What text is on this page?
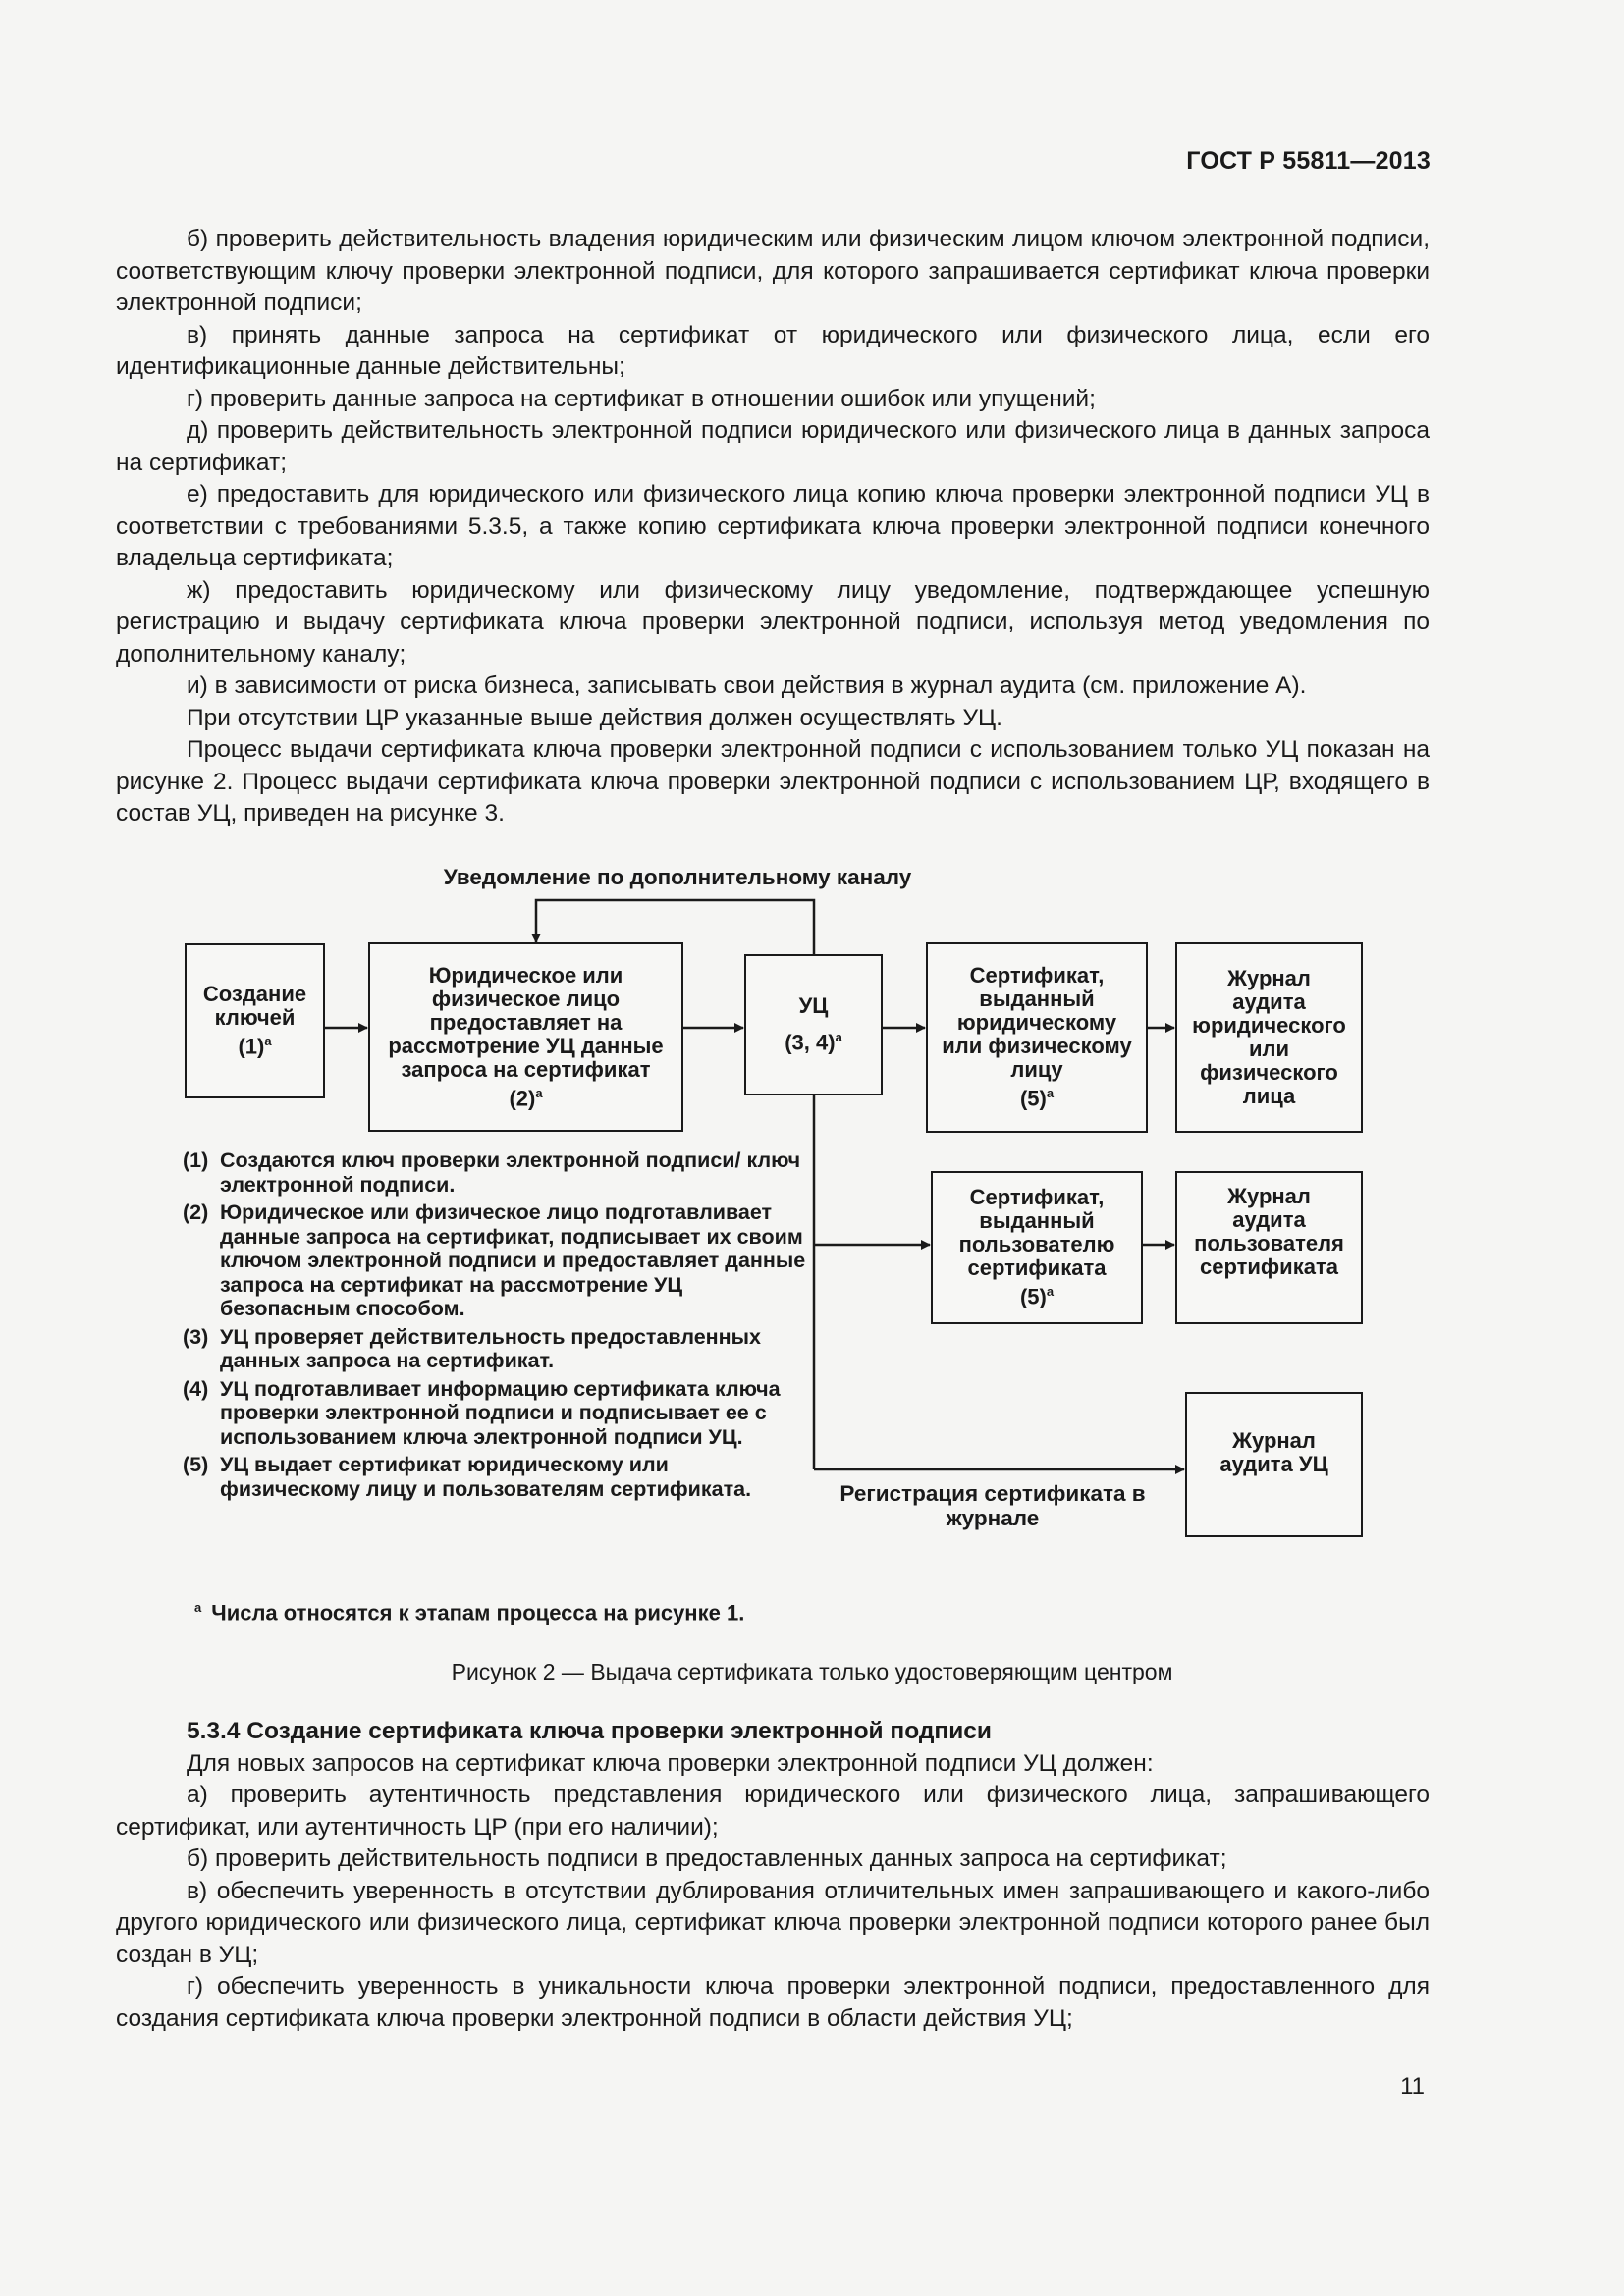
ГОСТ Р 55811—2013

б) проверить действительность владения юридическим или физическим лицом ключом электронной подписи, соответствующим ключу проверки электронной подписи, для которого запрашивается сертификат ключа проверки электронной подписи;

в) принять данные запроса на сертификат от юридического или физического лица, если его идентификационные данные действительны;

г) проверить данные запроса на сертификат в отношении ошибок или упущений;

д) проверить действительность электронной подписи юридического или физического лица в данных запроса на сертификат;

е) предоставить для юридического или физического лица копию ключа проверки электронной подписи УЦ в соответствии с требованиями 5.3.5, а также копию сертификата ключа проверки электронной подписи конечного владельца сертификата;

ж) предоставить юридическому или физическому лицу уведомление, подтверждающее успешную регистрацию и выдачу сертификата ключа проверки электронной подписи, используя метод уведомления по дополнительному каналу;

и) в зависимости от риска бизнеса, записывать свои действия в журнал аудита (см. приложение А).

При отсутствии ЦР указанные выше действия должен осуществлять УЦ.

Процесс выдачи сертификата ключа проверки электронной подписи с использованием только УЦ показан на рисунке 2. Процесс выдачи сертификата ключа проверки электронной подписи с использованием ЦР, входящего в состав УЦ, приведен на рисунке 3.

Уведомление по дополнительному каналу
Создание
ключей
$(1)^a$
Юридическое или
физическое лицо
предоставляет на
рассмотрение УЦ данные
запроса на сертификат
$(2)^a$
УЦ
(3, 4)$^a$
Сертификат,
выданный
юридическому
или физическому
лицу
$(5)^a$
Журнал
аудита
юридического
или
физического
лица
Сертификат,
выданный
пользователю
сертификата
$(5)^a$
Журнал
аудита
пользователя
сертификата
Журнал
аудита УЦ
Регистрация сертификата в
журнале
(1) Создаются ключ проверки электронной подписи/ ключ электронной подписи.
(2) Юридическое или физическое лицо подготавливает данные запроса на сертификат, подписывает их своим ключом электронной подписи и предоставляет данные запроса на сертификат на рассмотрение УЦ безопасным способом.
(3) УЦ проверяет действительность предоставленных данных запроса на сертификат.
(4) УЦ подготавливает информацию сертификата ключа проверки электронной подписи и подписывает ее с использованием ключа электронной подписи УЦ.
(5) УЦ выдает сертификат юридическому или физическому лицу и пользователям сертификата.
$^a$ Числа относятся к этапам процесса на рисунке 1.
Рисунок 2 — Выдача сертификата только удостоверяющим центром

5.3.4 Создание сертификата ключа проверки электронной подписи

Для новых запросов на сертификат ключа проверки электронной подписи УЦ должен:

а) проверить аутентичность представления юридического или физического лица, запрашивающего сертификат, или аутентичность ЦР (при его наличии);

б) проверить действительность подписи в предоставленных данных запроса на сертификат;

в) обеспечить уверенность в отсутствии дублирования отличительных имен запрашивающего и какого-либо другого юридического или физического лица, сертификат ключа проверки электронной подписи которого ранее был создан в УЦ;

г) обеспечить уверенность в уникальности ключа проверки электронной подписи, предоставленного для создания сертификата ключа проверки электронной подписи в области действия УЦ;

11
